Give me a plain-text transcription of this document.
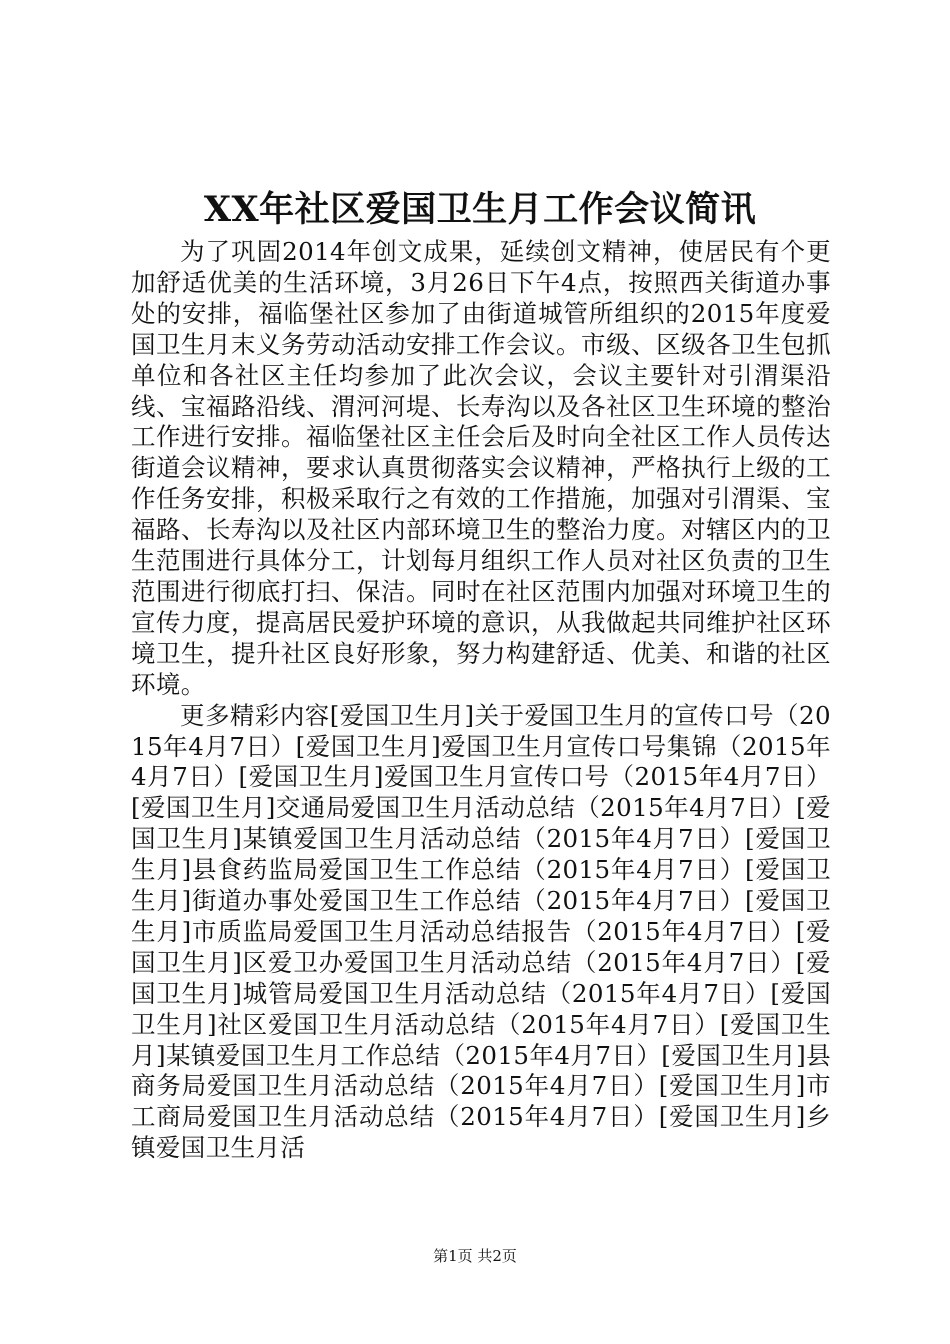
XX年社区爱国卫生月工作会议简讯

为了巩固2014年创文成果，延续创文精神，使居民有个更加舒适优美的生活环境，3月26日下午4点，按照西关街道办事处的安排，福临堡社区参加了由街道城管所组织的2015年度爱国卫生月末义务劳动活动安排工作会议。市级、区级各卫生包抓单位和各社区主任均参加了此次会议，会议主要针对引渭渠沿线、宝福路沿线、渭河河堤、长寿沟以及各社区卫生环境的整治工作进行安排。福临堡社区主任会后及时向全社区工作人员传达街道会议精神，要求认真贯彻落实会议精神，严格执行上级的工作任务安排，积极采取行之有效的工作措施，加强对引渭渠、宝福路、长寿沟以及社区内部环境卫生的整治力度。对辖区内的卫生范围进行具体分工，计划每月组织工作人员对社区负责的卫生范围进行彻底打扫、保洁。同时在社区范围内加强对环境卫生的宣传力度，提高居民爱护环境的意识，从我做起共同维护社区环境卫生，提升社区良好形象，努力构建舒适、优美、和谐的社区环境。

更多精彩内容[爱国卫生月]关于爱国卫生月的宣传口号（2015年4月7日）[爱国卫生月]爱国卫生月宣传口号集锦（2015年4月7日）[爱国卫生月]爱国卫生月宣传口号（2015年4月7日）[爱国卫生月]交通局爱国卫生月活动总结（2015年4月7日）[爱国卫生月]某镇爱国卫生月活动总结（2015年4月7日）[爱国卫生月]县食药监局爱国卫生工作总结（2015年4月7日）[爱国卫生月]街道办事处爱国卫生工作总结（2015年4月7日）[爱国卫生月]市质监局爱国卫生月活动总结报告（2015年4月7日）[爱国卫生月]区爱卫办爱国卫生月活动总结（2015年4月7日）[爱国卫生月]城管局爱国卫生月活动总结（2015年4月7日）[爱国卫生月]社区爱国卫生月活动总结（2015年4月7日）[爱国卫生月]某镇爱国卫生月工作总结（2015年4月7日）[爱国卫生月]县商务局爱国卫生月活动总结（2015年4月7日）[爱国卫生月]市工商局爱国卫生月活动总结（2015年4月7日）[爱国卫生月]乡镇爱国卫生月活

第1页 共2页
